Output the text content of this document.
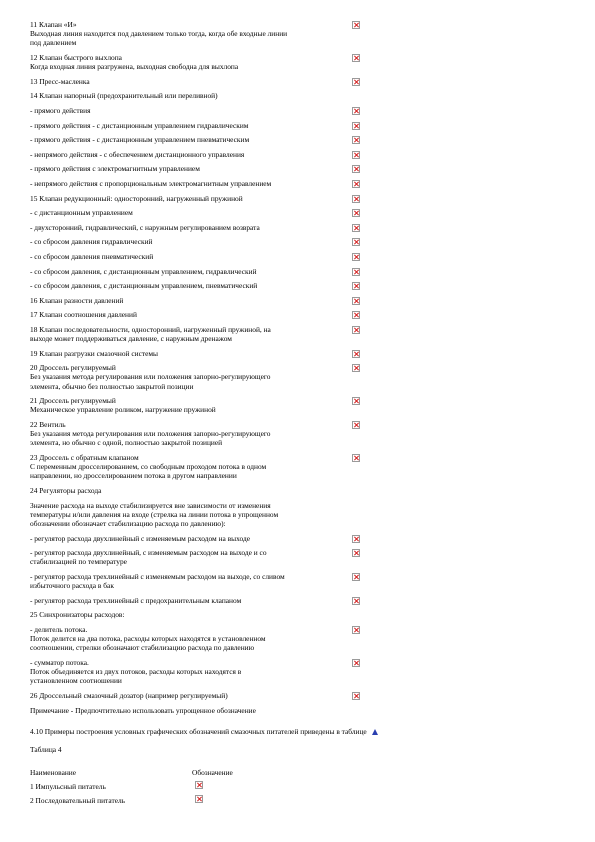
11 Клапан «И»
Выходная линия находится под давлением только тогда, когда обе входные линии
под давлением
12 Клапан быстрого выхлопа
Когда входная линия разгружена, выходная свободна для выхлопа
13 Пресс-масленка
14 Клапан напорный (предохранительный или переливной)
- прямого действия
- прямого действия - с дистанционным управлением гидравлическим
- прямого действия - с дистанционным управлением пневматическим
- непрямого действия - с обеспечением дистанционного управления
- прямого действия с электромагнитным управлением
- непрямого действия с пропорциональным электромагнитным управлением
15 Клапан редукционный: односторонний, нагруженный пружиной
- с дистанционным управлением
- двухсторонний, гидравлический, с наружным регулированием возврата
- со сбросом давления гидравлический
- со сбросом давления пневматический
- со сбросом давления, с дистанционным управлением, гидравлический
- со сбросом давления, с дистанционным управлением, пневматический
16 Клапан разности давлений
17 Клапан соотношения давлений
18 Клапан последовательности, односторонний, нагруженный пружиной, на
выходе может поддерживаться давление, с наружным дренажом
19 Клапан разгрузки смазочной системы
20 Дроссель регулируемый
Без указания метода регулирования или положения запорно-регулирующего
элемента, обычно без полностью закрытой позиции
21 Дроссель регулируемый
Механическое управление роликом, нагружение пружиной
22 Вентиль
Без указания метода регулирования или положения запорно-регулирующего
элемента, но обычно с одной, полностью закрытой позицией
23 Дроссель с обратным клапаном
С переменным дросселированием, со свободным проходом потока в одном
направлении, но дросселированием потока в другом направлении
24 Регуляторы расхода
Значение расхода на выходе стабилизируется вне зависимости от изменения
температуры и/или давления на входе (стрелка на линии потока в упрощенном
обозначении обозначает стабилизацию расхода по давлению):
- регулятор расхода двухлинейный с изменяемым расходом на выходе
- регулятор расхода двухлинейный, с изменяемым расходом на выходе и со
стабилизацией по температуре
- регулятор расхода трехлинейный с изменяемым расходом на выходе, со сливом
избыточного расхода в бак
- регулятор расхода трехлинейный с предохранительным клапаном
25 Синхронизаторы расходов:
- делитель потока.
Поток делится на два потока, расходы которых находятся в установленном
соотношении, стрелки обозначают стабилизацию расхода по давлению
- сумматор потока.
Поток объединяется из двух потоков, расходы которых находятся в
установленном соотношении
26 Дроссельный смазочный дозатор (например регулируемый)
Примечание - Предпочтительно использовать упрощенное обозначение
4.10 Примеры построения условных графических обозначений смазочных питателей приведены в таблице
Таблица 4
Наименование	Обозначение
1 Импульсный питатель
2 Последовательный питатель
